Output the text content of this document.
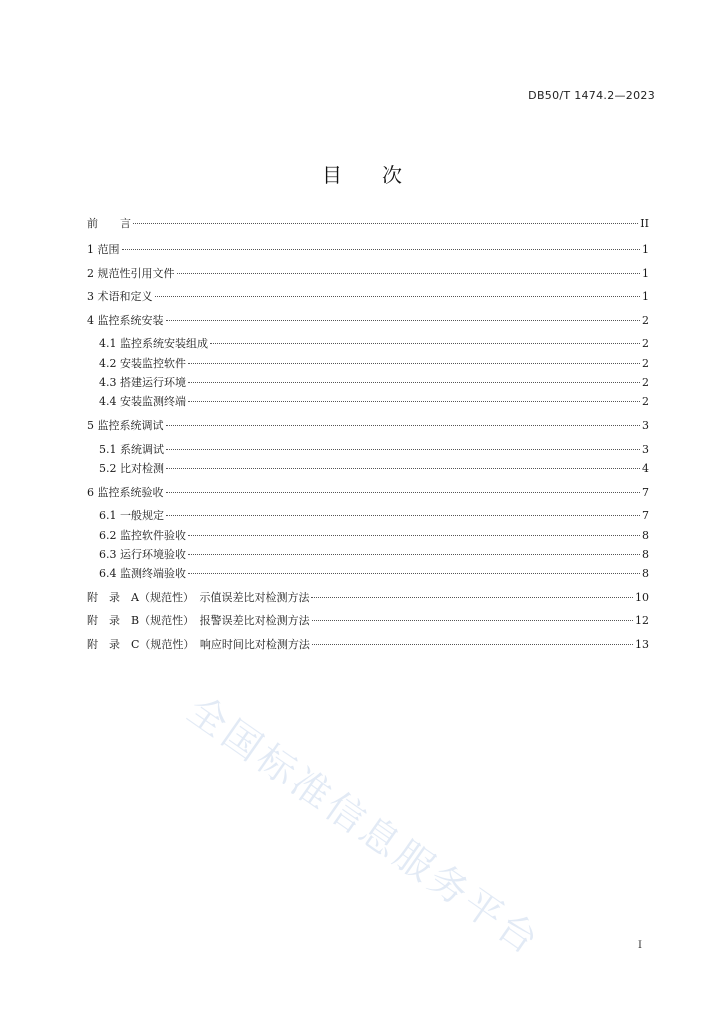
DB50/T 1474.2—2023
目 次
前　　言	II
1 范围	1
2 规范性引用文件	1
3 术语和定义	1
4 监控系统安装	2
4.1 监控系统安装组成	2
4.2 安装监控软件	2
4.3 搭建运行环境	2
4.4 安装监测终端	2
5 监控系统调试	3
5.1 系统调试	3
5.2 比对检测	4
6 监控系统验收	7
6.1 一般规定	7
6.2 监控软件验收	8
6.3 运行环境验收	8
6.4 监测终端验收	8
附　录　A（规范性）　示值误差比对检测方法	10
附　录　B（规范性）　报警误差比对检测方法	12
附　录　C（规范性）　响应时间比对检测方法	13
全国标准信息服务平台	I
